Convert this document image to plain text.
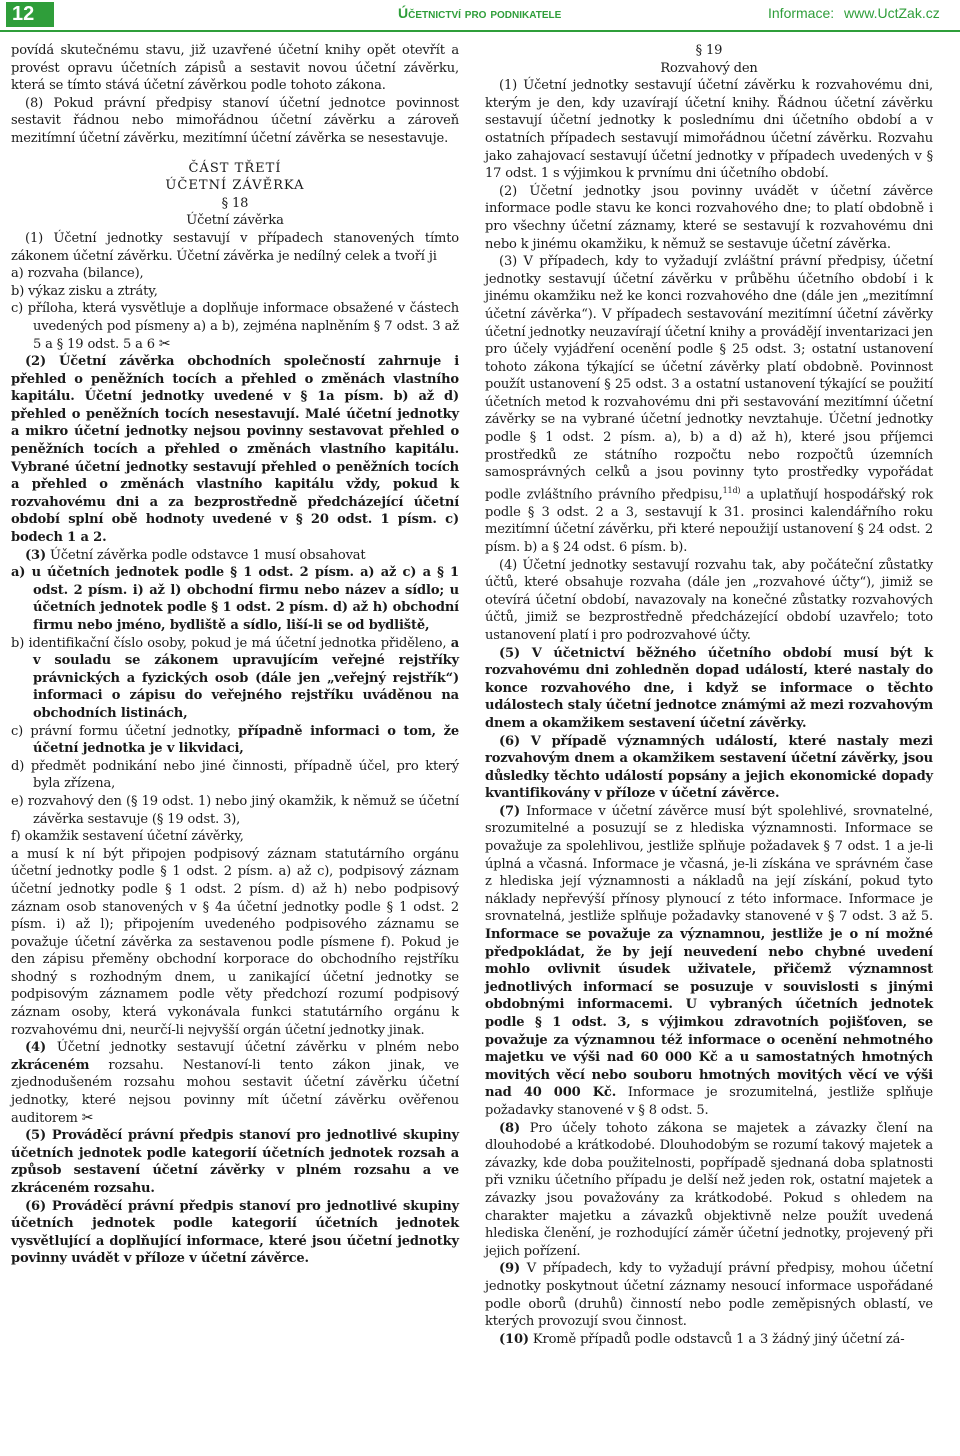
12	Účetnictví pro podnikatele	Informace: www.UctZak.cz

povídá skutečnému stavu, již uzavřené účetní knihy opět otevřít a provést opravu účetních zápisů a sestavit novou účetní závěrku, která se tímto stává účetní závěrkou podle tohoto zákona.

(8) Pokud právní předpisy stanoví účetní jednotce povinnost sestavit řádnou nebo mimořádnou účetní závěrku a zároveň mezitímní účetní závěrku, mezitímní účetní závěrka se nesestavuje.

ČÁST TŘETÍ

ÚČETNÍ ZÁVĚRKA

§ 18

Účetní závěrka

(1) Účetní jednotky sestavují v případech stanovených tímto zákonem účetní závěrku. Účetní závěrka je nedílný celek a tvoří ji

a) rozvaha (bilance),

b) výkaz zisku a ztráty,

c) příloha, která vysvětluje a doplňuje informace obsažené v částech uvedených pod písmeny a) a b), zejména naplněním § 7 odst. 3 až 5 a § 19 odst. 5 a 6 ✂

(2) Účetní závěrka obchodních společností zahrnuje i přehled o peněžních tocích a přehled o změnách vlastního kapitálu. Účetní jednotky uvedené v § 1a písm. b) až d) přehled o peněžních tocích nesestavují. Malé účetní jednotky a mikro účetní jednotky nejsou povinny sestavovat přehled o peněžních tocích a přehled o změnách vlastního kapitálu. Vybrané účetní jednotky sestavují přehled o peněžních tocích a přehled o změnách vlastního kapitálu vždy, pokud k rozvahovému dni a za bezprostředně předcházející účetní období splní obě hodnoty uvedené v § 20 odst. 1 písm. c) bodech 1 a 2.

(3) Účetní závěrka podle odstavce 1 musí obsahovat

a) u účetních jednotek podle § 1 odst. 2 písm. a) až c) a § 1 odst. 2 písm. i) až l) obchodní firmu nebo název a sídlo; u účetních jednotek podle § 1 odst. 2 písm. d) až h) obchodní firmu nebo jméno, bydliště a sídlo, liší-li se od bydliště,

b) identifikační číslo osoby, pokud je má účetní jednotka přiděleno, a v souladu se zákonem upravujícím veřejné rejstříky právnických a fyzických osob (dále jen „veřejný rejstřík“) informaci o zápisu do veřejného rejstříku uváděnou na obchodních listinách,

c) právní formu účetní jednotky, případně informaci o tom, že účetní jednotka je v likvidaci,

d) předmět podnikání nebo jiné činnosti, případně účel, pro který byla zřízena,

e) rozvahový den (§ 19 odst. 1) nebo jiný okamžik, k němuž se účetní závěrka sestavuje (§ 19 odst. 3),

f) okamžik sestavení účetní závěrky,

a musí k ní být připojen podpisový záznam statutárního orgánu účetní jednotky podle § 1 odst. 2 písm. a) až c), podpisový záznam účetní jednotky podle § 1 odst. 2 písm. d) až h) nebo podpisový záznam osob stanovených v § 4a účetní jednotky podle § 1 odst. 2 písm. i) až l); připojením uvedeného podpisového záznamu se považuje účetní závěrka za sestavenou podle písmene f). Pokud je den zápisu přeměny obchodní korporace do obchodního rejstříku shodný s rozhodným dnem, u zanikající účetní jednotky se podpisovým záznamem podle věty předchozí rozumí podpisový záznam osoby, která vykonávala funkci statutárního orgánu k rozvahovému dni, neurčí-li nejvyšší orgán účetní jednotky jinak.

(4) Účetní jednotky sestavují účetní závěrku v plném nebo zkráceném rozsahu. Nestanoví-li tento zákon jinak, ve zjednodušeném rozsahu mohou sestavit účetní závěrku účetní jednotky, které nejsou povinny mít účetní závěrku ověřenou auditorem ✂

(5) Prováděcí právní předpis stanoví pro jednotlivé skupiny účetních jednotek podle kategorií účetních jednotek rozsah a způsob sestavení účetní závěrky v plném rozsahu a ve zkráceném rozsahu.

(6) Prováděcí právní předpis stanoví pro jednotlivé skupiny účetních jednotek podle kategorií účetních jednotek vysvětlující a doplňující informace, které jsou účetní jednotky povinny uvádět v příloze v účetní závěrce.

§ 19

Rozvahový den

(1) Účetní jednotky sestavují účetní závěrku k rozvahovému dni, kterým je den, kdy uzavírají účetní knihy. Řádnou účetní závěrku sestavují účetní jednotky k poslednímu dni účetního období a v ostatních případech sestavují mimořádnou účetní závěrku. Rozvahu jako zahajovací sestavují účetní jednotky v případech uvedených v § 17 odst. 1 s výjimkou k prvnímu dni účetního období.

(2) Účetní jednotky jsou povinny uvádět v účetní závěrce informace podle stavu ke konci rozvahového dne; to platí obdobně i pro všechny účetní záznamy, které se sestavují k rozvahovému dni nebo k jinému okamžiku, k němuž se sestavuje účetní závěrka.

(3) V případech, kdy to vyžadují zvláštní právní předpisy, účetní jednotky sestavují účetní závěrku v průběhu účetního období i k jinému okamžiku než ke konci rozvahového dne (dále jen „mezitímní účetní závěrka“). V případech sestavování mezitímní účetní závěrky účetní jednotky neuzavírají účetní knihy a provádějí inventarizaci jen pro účely vyjádření ocenění podle § 25 odst. 3; ostatní ustanovení tohoto zákona týkající se účetní závěrky platí obdobně. Povinnost použít ustanovení § 25 odst. 3 a ostatní ustanovení týkající se použití účetních metod k rozvahovému dni při sestavování mezitímní účetní závěrky se na vybrané účetní jednotky nevztahuje. Účetní jednotky podle § 1 odst. 2 písm. a), b) a d) až h), které jsou příjemci prostředků ze státního rozpočtu nebo rozpočtů územních samosprávných celků a jsou povinny tyto prostředky vypořádat podle zvláštního právního předpisu,$^{11d)}$ a uplatňují hospodářský rok podle § 3 odst. 2 a 3, sestavují k 31. prosinci kalendářního roku mezitímní účetní závěrku, při které nepoužijí ustanovení § 24 odst. 2 písm. b) a § 24 odst. 6 písm. b).

(4) Účetní jednotky sestavují rozvahu tak, aby počáteční zůstatky účtů, které obsahuje rozvaha (dále jen „rozvahové účty“), jimiž se otevírá účetní období, navazovaly na konečné zůstatky rozvahových účtů, jimiž se bezprostředně předcházející období uzavřelo; toto ustanovení platí i pro podrozvahové účty.

(5) V účetnictví běžného účetního období musí být k rozvahovému dni zohledněn dopad událostí, které nastaly do konce rozvahového dne, i když se informace o těchto událostech staly účetní jednotce známými až mezi rozvahovým dnem a okamžikem sestavení účetní závěrky.

(6) V případě významných událostí, které nastaly mezi rozvahovým dnem a okamžikem sestavení účetní závěrky, jsou důsledky těchto událostí popsány a jejich ekonomické dopady kvantifikovány v příloze v účetní závěrce.

(7) Informace v účetní závěrce musí být spolehlivé, srovnatelné, srozumitelné a posuzují se z hlediska významnosti. Informace se považuje za spolehlivou, jestliže splňuje požadavek § 7 odst. 1 a je-li úplná a včasná. Informace je včasná, je-li získána ve správném čase z hlediska její významnosti a nákladů na její získání, pokud tyto náklady nepřevýší přínosy plynoucí z této informace. Informace je srovnatelná, jestliže splňuje požadavky stanovené v § 7 odst. 3 až 5. Informace se považuje za významnou, jestliže je o ní možné předpokládat, že by její neuvedení nebo chybné uvedení mohlo ovlivnit úsudek uživatele, přičemž významnost jednotlivých informací se posuzuje v souvislosti s jinými obdobnými informacemi. U vybraných účetních jednotek podle § 1 odst. 3, s výjimkou zdravotních pojišťoven, se považuje za významnou též informace o ocenění nehmotného majetku ve výši nad 60 000 Kč a u samostatných hmotných movitých věcí nebo souboru hmotných movitých věcí ve výši nad 40 000 Kč. Informace je srozumitelná, jestliže splňuje požadavky stanovené v § 8 odst. 5.

(8) Pro účely tohoto zákona se majetek a závazky člení na dlouhodobé a krátkodobé. Dlouhodobým se rozumí takový majetek a závazky, kde doba použitelnosti, popřípadě sjednaná doba splatnosti při vzniku účetního případu je delší než jeden rok, ostatní majetek a závazky jsou považovány za krátkodobé. Pokud s ohledem na charakter majetku a závazků objektivně nelze použít uvedená hlediska členění, je rozhodující záměr účetní jednotky, projevený při jejich pořízení.

(9) V případech, kdy to vyžadují právní předpisy, mohou účetní jednotky poskytnout účetní záznamy nesoucí informace uspořádané podle oborů (druhů) činností nebo podle zeměpisných oblastí, ve kterých provozují svou činnost.

(10) Kromě případů podle odstavců 1 a 3 žádný jiný účetní zá-
